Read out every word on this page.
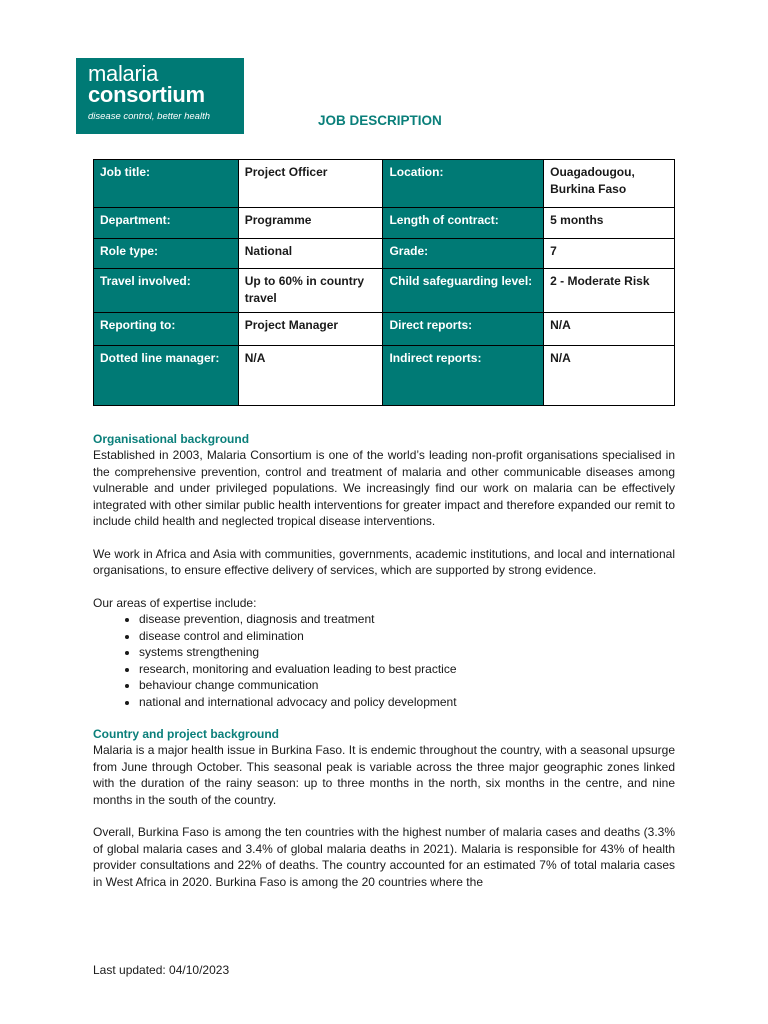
malaria
consortium
disease control, better health	JOB DESCRIPTION
Job title:	Project Officer	Location:	Ouagadougou, Burkina Faso
Department:	Programme	Length of contract:	5 months
Role type:	National	Grade:	7
Travel involved:	Up to 60% in country travel	Child safeguarding level:	2 - Moderate Risk
Reporting to:	Project Manager	Direct reports:	N/A
Dotted line manager:	N/A	Indirect reports:	N/A
Organisational background

Established in 2003, Malaria Consortium is one of the world’s leading non-profit organisations specialised in the comprehensive prevention, control and treatment of malaria and other communicable diseases among vulnerable and under privileged populations. We increasingly find our work on malaria can be effectively integrated with other similar public health interventions for greater impact and therefore expanded our remit to include child health and neglected tropical disease interventions.

We work in Africa and Asia with communities, governments, academic institutions, and local and international organisations, to ensure effective delivery of services, which are supported by strong evidence.

Our areas of expertise include:

• disease prevention, diagnosis and treatment
• disease control and elimination
• systems strengthening
• research, monitoring and evaluation leading to best practice
• behaviour change communication
• national and international advocacy and policy development
Country and project background

Malaria is a major health issue in Burkina Faso. It is endemic throughout the country, with a seasonal upsurge from June through October. This seasonal peak is variable across the three major geographic zones linked with the duration of the rainy season: up to three months in the north, six months in the centre, and nine months in the south of the country.

Overall, Burkina Faso is among the ten countries with the highest number of malaria cases and deaths (3.3% of global malaria cases and 3.4% of global malaria deaths in 2021). Malaria is responsible for 43% of health provider consultations and 22% of deaths. The country accounted for an estimated 7% of total malaria cases in West Africa in 2020. Burkina Faso is among the 20 countries where the

Last updated: 04/10/2023
